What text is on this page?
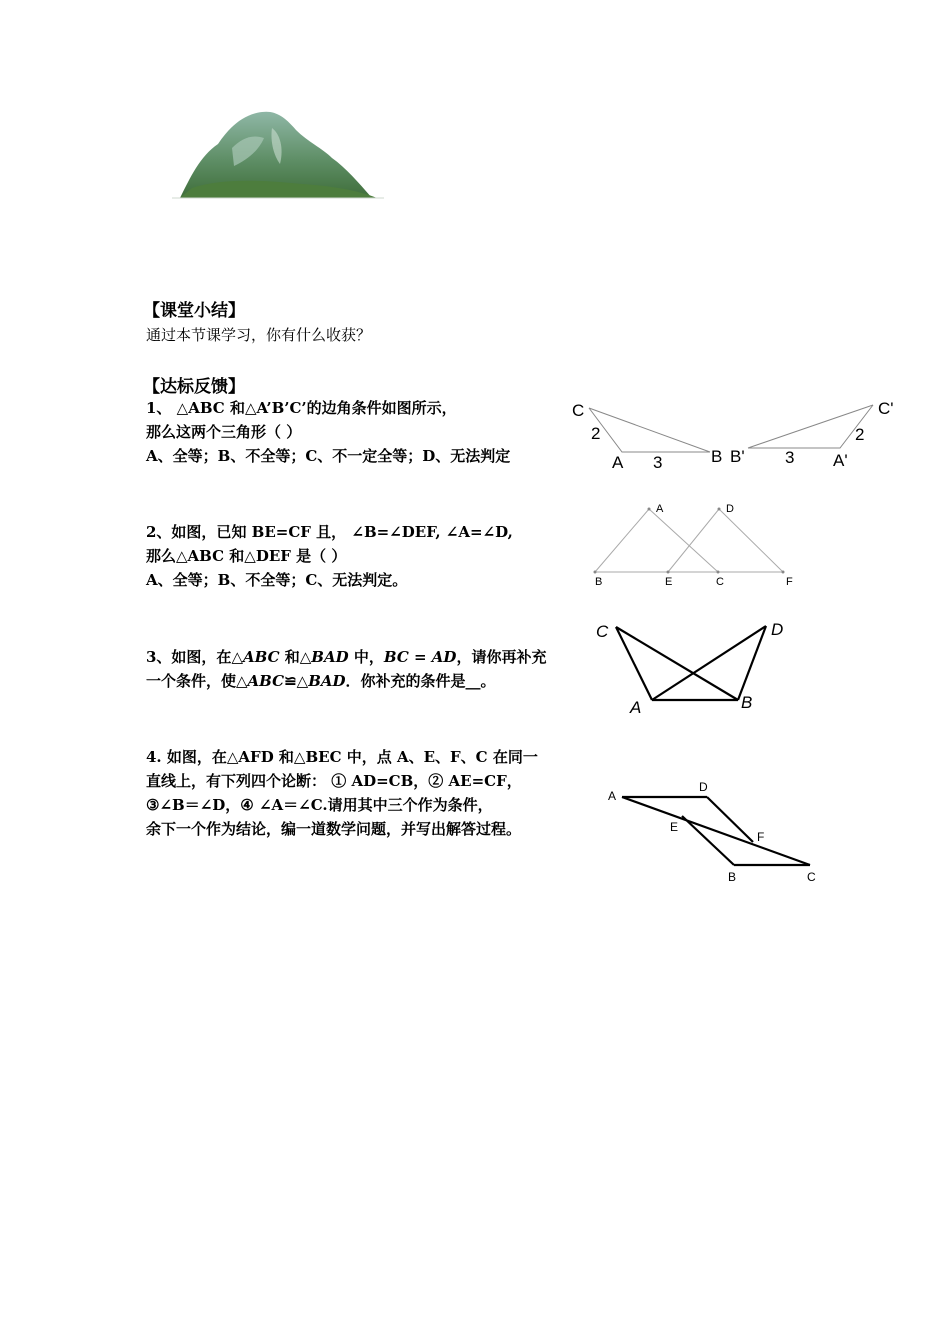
【课堂小结】
通过本节课学习，你有什么收获？
【达标反馈】
1、 △ABC 和△A’B’C’的边角条件如图所示，
那么这两个三角形（ ）
A、全等；B、不全等；C、不一定全等；D、无法判定
C
2
A 3	B B' 3 A'
2
C'
2、如图，已知 BE=CF 且， ∠B=∠DEF, ∠A=∠D,
那么△ABC 和△DEF 是（ ）
A、全等；B、不全等；C、无法判定。
A	D
B	E	C	F
3、如图，在△ABC 和△BAD 中，BC = AD，请你再补充
一个条件，使△ABC≌△BAD．你补充的条件是__。
C	D
A	B
4. 如图，在△AFD 和△BEC 中，点 A、E、F、C 在同一
直线上，有下列四个论断： ① AD=CB，② AE=CF，
③∠B＝∠D，④ ∠A＝∠C.请用其中三个作为条件，
余下一个作为结论，编一道数学问题，并写出解答过程。
A
D
E
F
B	C
